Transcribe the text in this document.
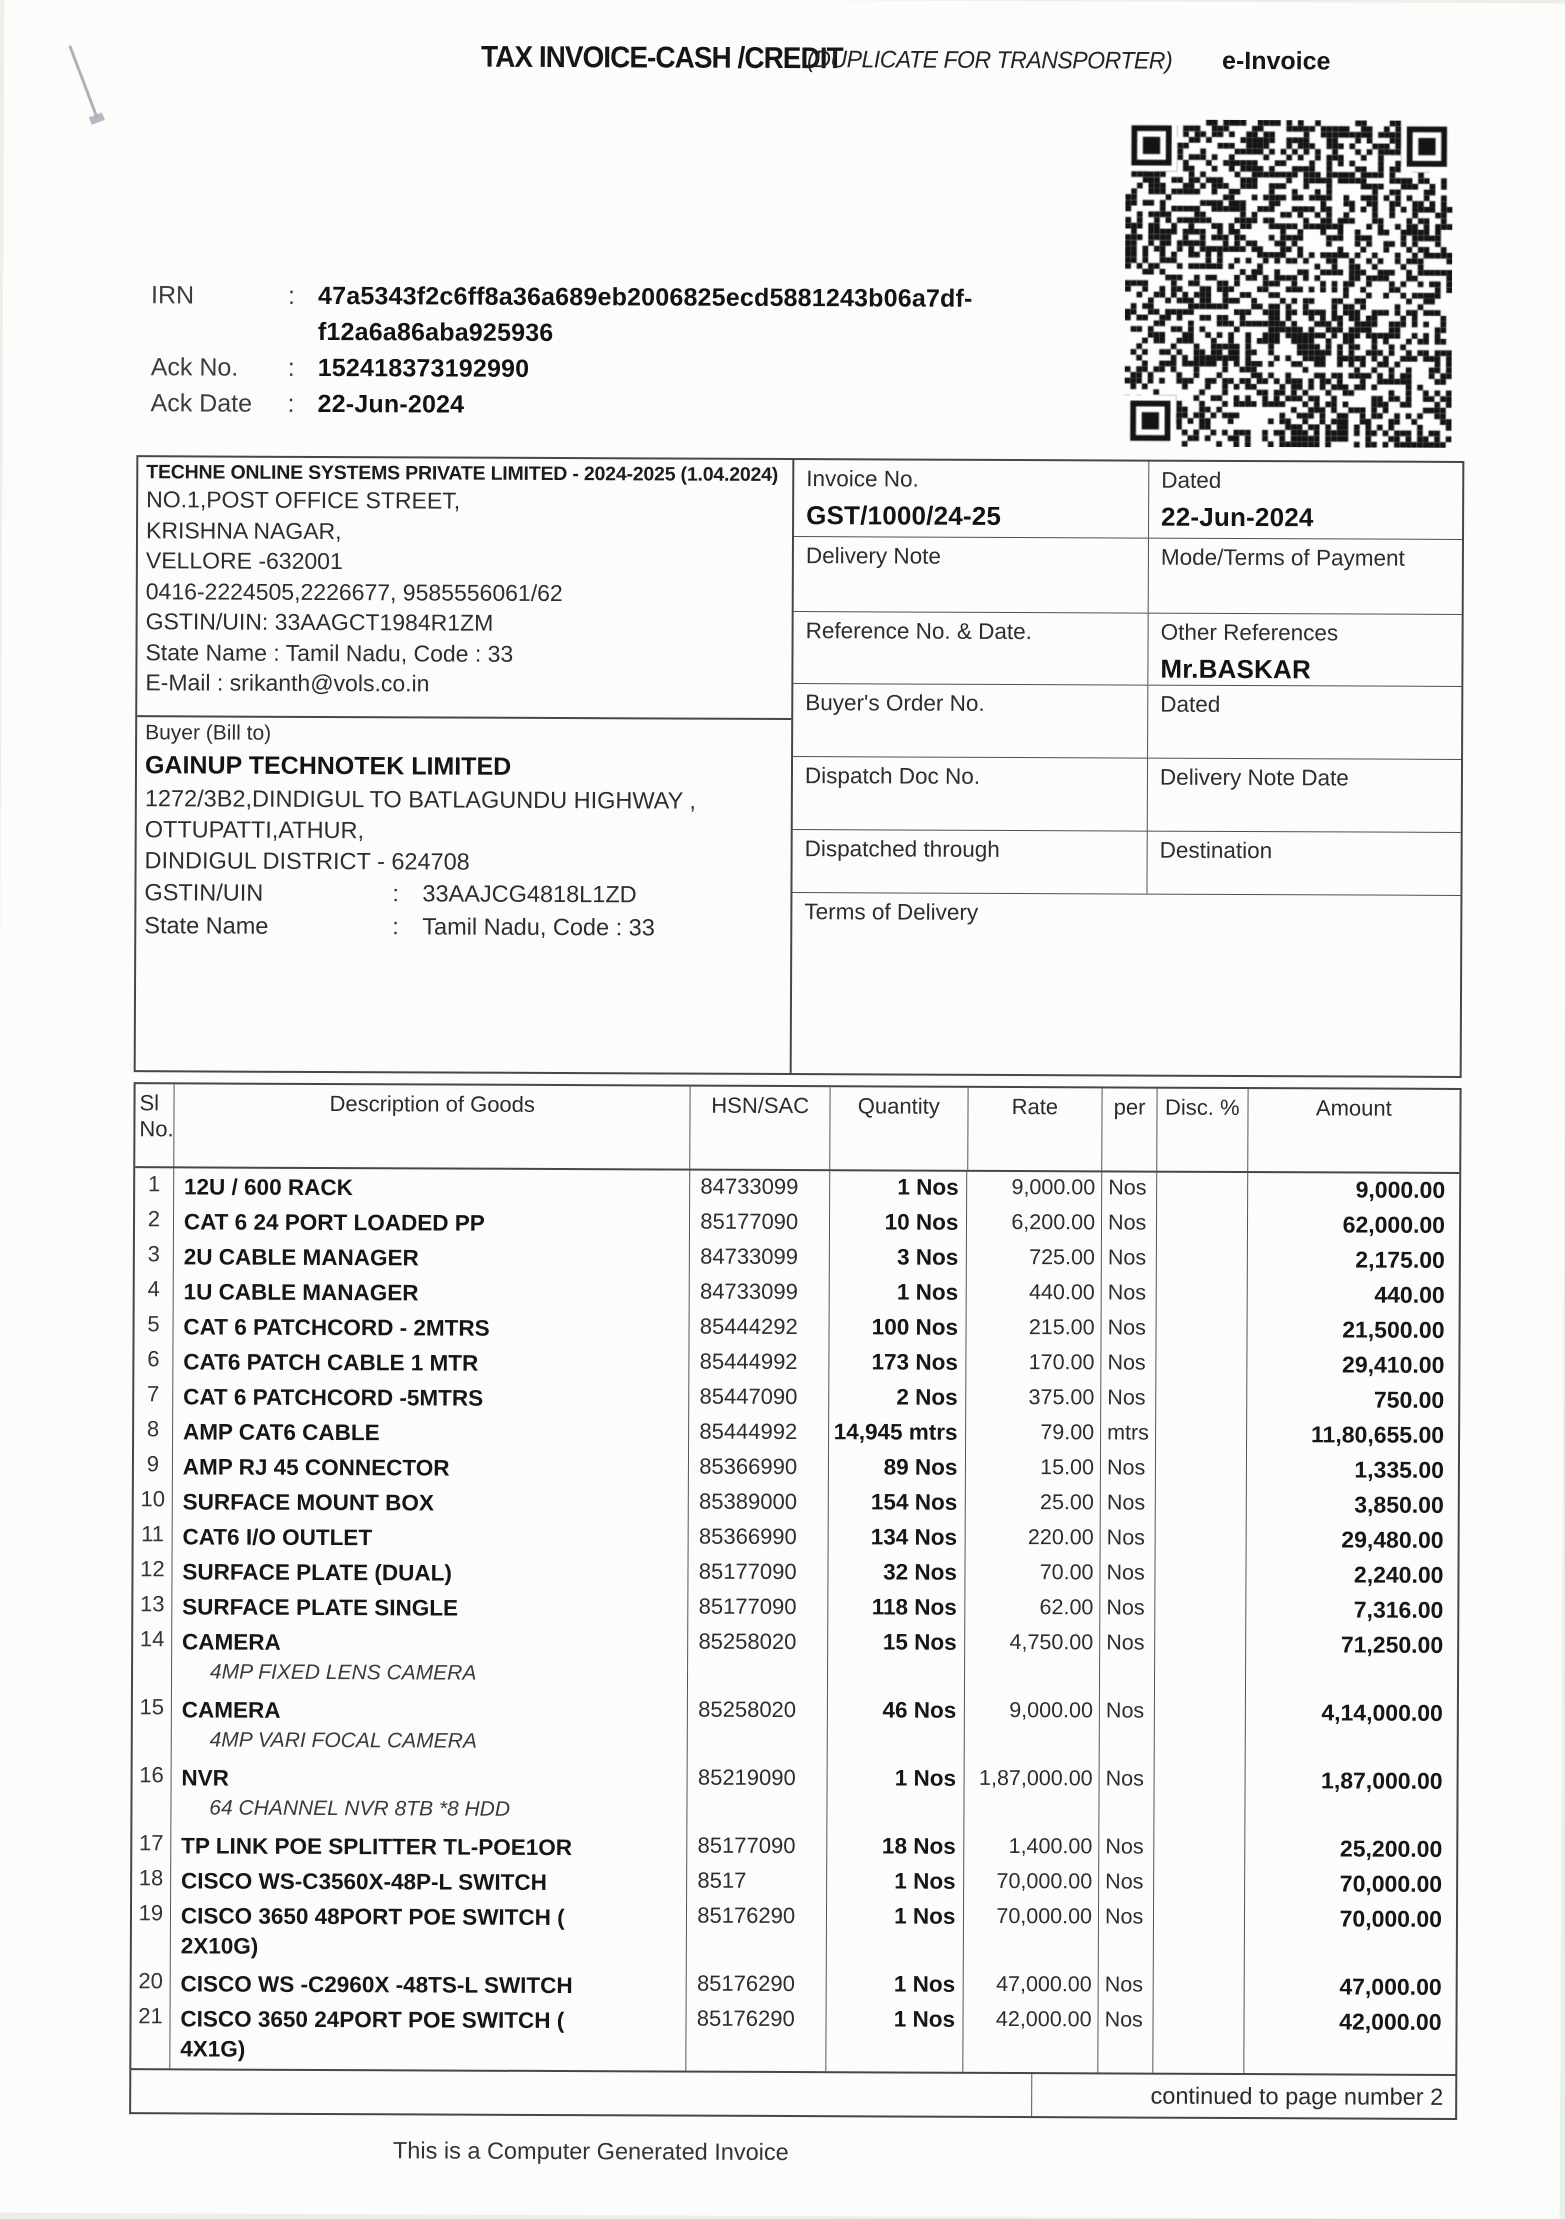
TAX INVOICE-CASH /CREDIT
(DUPLICATE FOR TRANSPORTER) e-Invoice
IRN	: 47a5343f2c6ff8a36a689eb2006825ecd5881243b06a7df-
f12a6a86aba925936
Ack No.	: 152418373192990
Ack Date	: 22-Jun-2024
TECHNE ONLINE SYSTEMS PRIVATE LIMITED - 2024-2025 (1.04.2024)
NO.1,POST OFFICE STREET,
KRISHNA NAGAR,
VELLORE -632001
0416-2224505,2226677, 9585556061/62
GSTIN/UIN: 33AAGCT1984R1ZM
State Name : Tamil Nadu, Code : 33
E-Mail : srikanth@vols.co.in
Buyer (Bill to)
GAINUP TECHNOTEK LIMITED
1272/3B2,DINDIGUL TO BATLAGUNDU HIGHWAY ,
OTTUPATTI,ATHUR,
DINDIGUL DISTRICT - 624708
GSTIN/UIN	: 33AAJCG4818L1ZD
State Name	: Tamil Nadu, Code : 33
Invoice No.
GST/1000/24-25
Dated
22-Jun-2024
Delivery Note	Mode/Terms of Payment
Reference No. & Date.	Other References
Mr.BASKAR
Buyer's Order No.	Dated
Dispatch Doc No.	Delivery Note Date
Dispatched through	Destination
Terms of Delivery
Sl
No.
Description of Goods	HSN/SAC	Quantity	Rate	per Disc. %	Amount
1	12U / 600 RACK	84733099	1 Nos	9,000.00 Nos	9,000.00
2	CAT 6 24 PORT LOADED PP	85177090	10 Nos	6,200.00 Nos	62,000.00
3	2U CABLE MANAGER	84733099	3 Nos	725.00 Nos	2,175.00
4	1U CABLE MANAGER	84733099	1 Nos	440.00 Nos	440.00
5	CAT 6 PATCHCORD - 2MTRS	85444292	100 Nos	215.00 Nos	21,500.00
6	CAT6 PATCH CABLE 1 MTR	85444992	173 Nos	170.00 Nos	29,410.00
7	CAT 6 PATCHCORD -5MTRS	85447090	2 Nos	375.00 Nos	750.00
8	AMP CAT6 CABLE	85444992	14,945 mtrs	79.00 mtrs	11,80,655.00
9	AMP RJ 45 CONNECTOR	85366990	89 Nos	15.00 Nos	1,335.00
10 SURFACE MOUNT BOX	85389000	154 Nos	25.00 Nos	3,850.00
11 CAT6 I/O OUTLET	85366990	134 Nos	220.00 Nos	29,480.00
12 SURFACE PLATE (DUAL)	85177090	32 Nos	70.00 Nos	2,240.00
13 SURFACE PLATE SINGLE	85177090	118 Nos	62.00 Nos	7,316.00
14 CAMERA
4MP FIXED LENS CAMERA
85258020	15 Nos	4,750.00 Nos	71,250.00
15 CAMERA
4MP VARI FOCAL CAMERA
85258020	46 Nos	9,000.00 Nos	4,14,000.00
16 NVR
64 CHANNEL NVR 8TB *8 HDD
85219090	1 Nos	1,87,000.00 Nos	1,87,000.00
17 TP LINK POE SPLITTER TL-POE1OR	85177090	18 Nos	1,400.00 Nos	25,200.00
18 CISCO WS-C3560X-48P-L SWITCH	8517	1 Nos	70,000.00 Nos	70,000.00
19 CISCO 3650 48PORT POE SWITCH (
2X10G)
85176290	1 Nos	70,000.00 Nos	70,000.00
20 CISCO WS -C2960X -48TS-L SWITCH	85176290	1 Nos	47,000.00 Nos	47,000.00
21 CISCO 3650 24PORT POE SWITCH (
4X1G)
85176290	1 Nos	42,000.00 Nos	42,000.00
continued to page number 2
This is a Computer Generated Invoice
